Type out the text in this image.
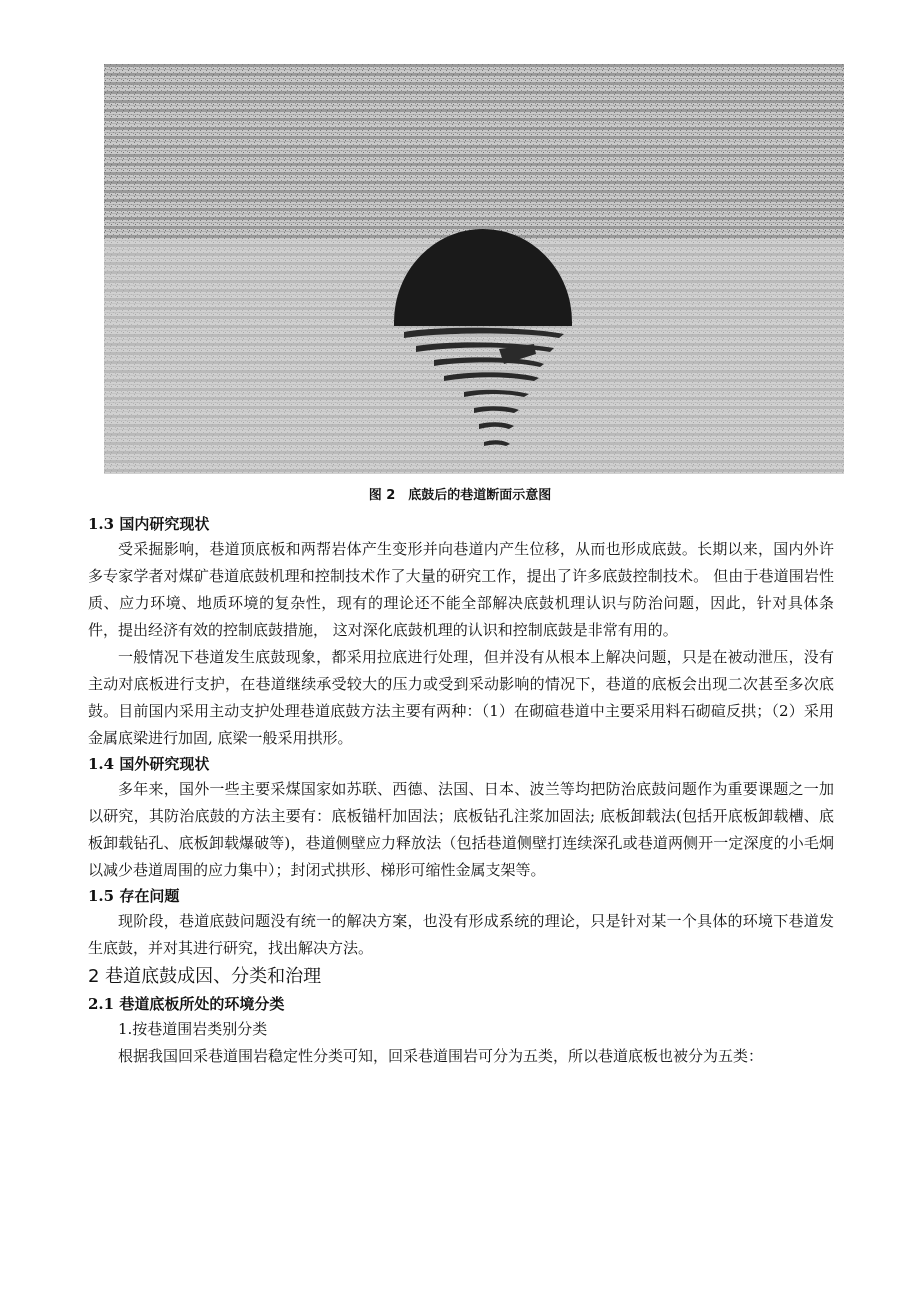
图 2　底鼓后的巷道断面示意图

1.3 国内研究现状

受采掘影响，巷道顶底板和两帮岩体产生变形并向巷道内产生位移，从而也形成底鼓。长期以来，国内外许多专家学者对煤矿巷道底鼓机理和控制技术作了大量的研究工作，提出了许多底鼓控制技术。 但由于巷道围岩性质、应力环境、地质环境的复杂性，现有的理论还不能全部解决底鼓机理认识与防治问题，因此，针对具体条件，提出经济有效的控制底鼓措施， 这对深化底鼓机理的认识和控制底鼓是非常有用的。

一般情况下巷道发生底鼓现象，都采用拉底进行处理，但并没有从根本上解决问题，只是在被动泄压，没有主动对底板进行支护，在巷道继续承受较大的压力或受到采动影响的情况下，巷道的底板会出现二次甚至多次底鼓。目前国内采用主动支护处理巷道底鼓方法主要有两种：（1）在砌碹巷道中主要采用料石砌碹反拱；（2）采用金属底梁进行加固, 底梁一般采用拱形。

1.4 国外研究现状

多年来，国外一些主要采煤国家如苏联、西德、法国、日本、波兰等均把防治底鼓问题作为重要课题之一加以研究，其防治底鼓的方法主要有：底板锚杆加固法；底板钻孔注浆加固法; 底板卸载法(包括开底板卸载槽、底板卸载钻孔、底板卸载爆破等)，巷道侧壁应力释放法（包括巷道侧壁打连续深孔或巷道两侧开一定深度的小毛炯以减少巷道周围的应力集中）；封闭式拱形、梯形可缩性金属支架等。

1.5 存在问题

现阶段，巷道底鼓问题没有统一的解决方案，也没有形成系统的理论，只是针对某一个具体的环境下巷道发生底鼓，并对其进行研究，找出解决方法。

2 巷道底鼓成因、分类和治理

2.1 巷道底板所处的环境分类

1.按巷道围岩类别分类

根据我国回采巷道围岩稳定性分类可知，回采巷道围岩可分为五类，所以巷道底板也被分为五类：
